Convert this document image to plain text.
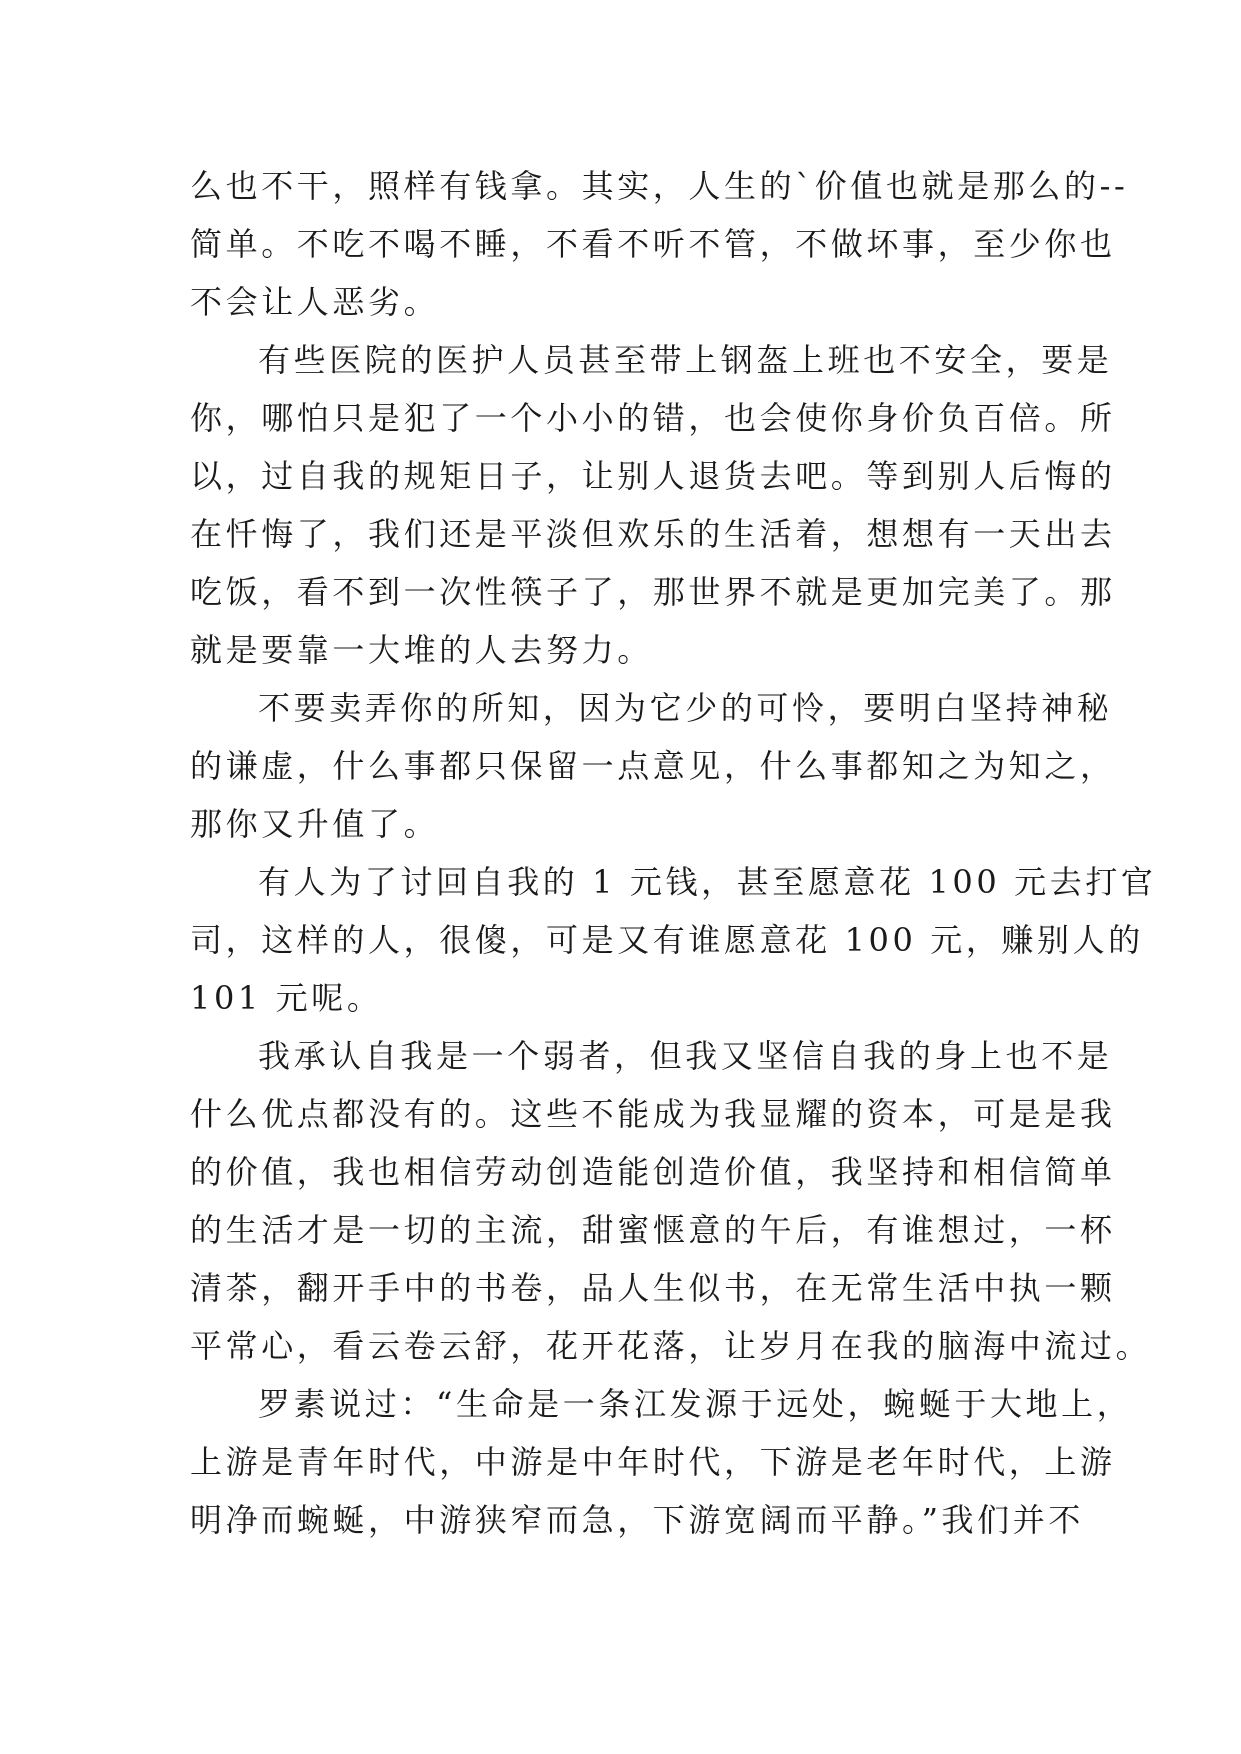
么也不干，照样有钱拿。其实，人生的`价值也就是那么的--
简单。不吃不喝不睡，不看不听不管，不做坏事，至少你也
不会让人恶劣。
有些医院的医护人员甚至带上钢盔上班也不安全，要是
你，哪怕只是犯了一个小小的错，也会使你身价负百倍。所
以，过自我的规矩日子，让别人退货去吧。等到别人后悔的
在忏悔了，我们还是平淡但欢乐的生活着，想想有一天出去
吃饭，看不到一次性筷子了，那世界不就是更加完美了。那
就是要靠一大堆的人去努力。
不要卖弄你的所知，因为它少的可怜，要明白坚持神秘
的谦虚，什么事都只保留一点意见，什么事都知之为知之，
那你又升值了。
有人为了讨回自我的 1 元钱，甚至愿意花 100 元去打官
司，这样的人，很傻，可是又有谁愿意花 100 元，赚别人的
101 元呢。
我承认自我是一个弱者，但我又坚信自我的身上也不是
什么优点都没有的。这些不能成为我显耀的资本，可是是我
的价值，我也相信劳动创造能创造价值，我坚持和相信简单
的生活才是一切的主流，甜蜜惬意的午后，有谁想过，一杯
清茶，翻开手中的书卷，品人生似书，在无常生活中执一颗
平常心，看云卷云舒，花开花落，让岁月在我的脑海中流过。
罗素说过：“生命是一条江发源于远处，蜿蜒于大地上，
上游是青年时代，中游是中年时代，下游是老年时代，上游
明净而蜿蜒，中游狭窄而急，下游宽阔而平静。”我们并不
